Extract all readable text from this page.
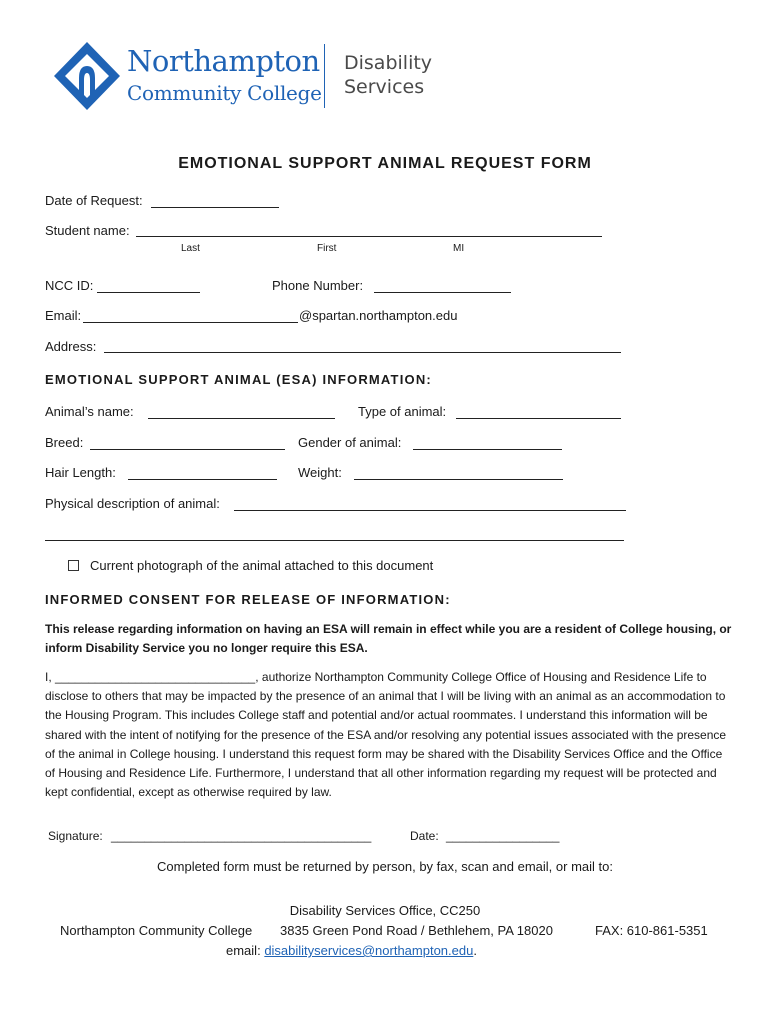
Northampton
Community College
Disability
Services
EMOTIONAL SUPPORT ANIMAL REQUEST FORM
Date of Request:
Student name:
Last	First	MI
NCC ID:	Phone Number:
Email:	@spartan.northampton.edu
Address:
EMOTIONAL SUPPORT ANIMAL (ESA) INFORMATION:
Animal’s name:	Type of animal:
Breed:	Gender of animal:
Hair Length:	Weight:
Physical description of animal:
Current photograph of the animal attached to this document
INFORMED CONSENT FOR RELEASE OF INFORMATION:
This release regarding information on having an ESA will remain in effect while you are a resident of College housing, or inform Disability Service you no longer require this ESA.
I, ______________________________, authorize Northampton Community College Office of Housing and Residence Life to disclose to others that may be impacted by the presence of an animal that I will be living with an animal as an accommodation to the Housing Program. This includes College staff and potential and/or actual roommates. I understand this information will be shared with the intent of notifying for the presence of the ESA and/or resolving any potential issues associated with the presence of the animal in College housing. I understand this request form may be shared with the Disability Services Office and the Office of Housing and Residence Life. Furthermore, I understand that all other information regarding my request will be protected and kept confidential, except as otherwise required by law.
Signature: _______________________________________	Date: _________________
Completed form must be returned by person, by fax, scan and email, or mail to:
Disability Services Office, CC250
Northampton Community College 3835 Green Pond Road / Bethlehem, PA 18020	FAX: 610-861-5351
email: disabilityservices@northampton.edu.
